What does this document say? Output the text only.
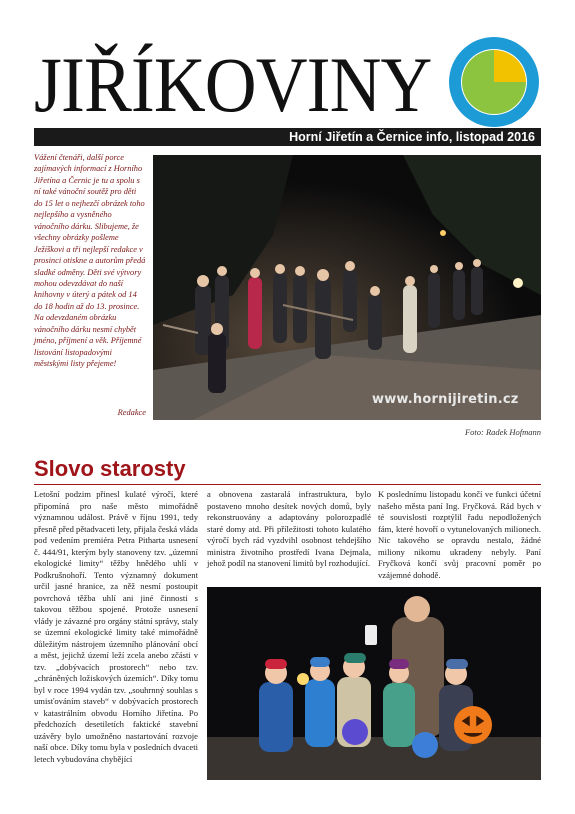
JIŘÍKOVINY
Horní Jiřetín a Černice info, listopad 2016
Vážení čtenáři, další porce zajímavých informací z Horního Jiřetína a Černic je tu a spolu s ní také vánoční soutěž pro děti do 15 let o nejhezčí obrázek toho nejlepšího a vysněného vánočního dárku. Slibujeme, že všechny obrázky pošleme Ježíškovi a tři nejlepší redakce v prosinci otiskne a autorům předá sladké odměny. Děti své výtvory mohou odevzdávat do naší knihovny v úterý a pátek od 14 do 18 hodin až do 13. prosince. Na odevzdaném obrázku vánočního dárku nesmí chybět jméno, příjmení a věk. Příjemné listování listopadovými městskými listy přejeme!
Redakce
www.hornijiretin.cz
Foto: Radek Hofmann
Slovo starosty
Letošní podzim přinesl kulaté výročí, které připomíná pro naše město mimořádně významnou událost. Právě v říjnu 1991, tedy přesně před pětadvaceti lety, přijala česká vláda pod vedením premiéra Petra Pitharta usnesení č. 444/91, kterým byly stanoveny tzv. „územní ekologické limity“ těžby hnědého uhlí v Podkrušnohoří. Tento významný dokument určil jasné hranice, za něž nesmí postoupit povrchová těžba uhlí ani jiné činnosti s takovou těžbou spojené. Protože usnesení vlády je závazné pro orgány státní správy, staly se územní ekologické limity také mimořádně důležitým nástrojem územního plánování obcí a měst, jejichž území leží zcela anebo zčásti v tzv. „dobývacích prostorech“ nebo tzv. „chráněných ložiskových územích“. Díky tomu byl v roce 1994 vydán tzv. „souhrnný souhlas s umisťováním staveb“ v dobývacích prostorech v katastrálním obvodu Horního Jiřetína. Po předchozích desetiletích faktické stavební uzávěry bylo umožněno nastartování rozvoje naší obce. Díky tomu byla v posledních dvaceti letech vybudována chybějící
a obnovena zastaralá infrastruktura, bylo postaveno mnoho desítek nových domů, byly rekonstruovány a adaptovány polorozpadlé staré domy atd. Při příležitosti tohoto kulatého výročí bych rád vyzdvihl osobnost tehdejšího ministra životního prostředí Ivana Dejmala, jehož podíl na stanovení limitů byl rozhodující.
K poslednímu listopadu končí ve funkci účetní našeho města paní Ing. Fryčková. Rád bych v té souvislosti rozptýlil řadu nepodložených fám, které hovoří o vytunelovaných milionech. Nic takového se opravdu nestalo, žádné miliony nikomu ukradeny nebyly. Paní Fryčková končí svůj pracovní poměr po vzájemné dohodě.
